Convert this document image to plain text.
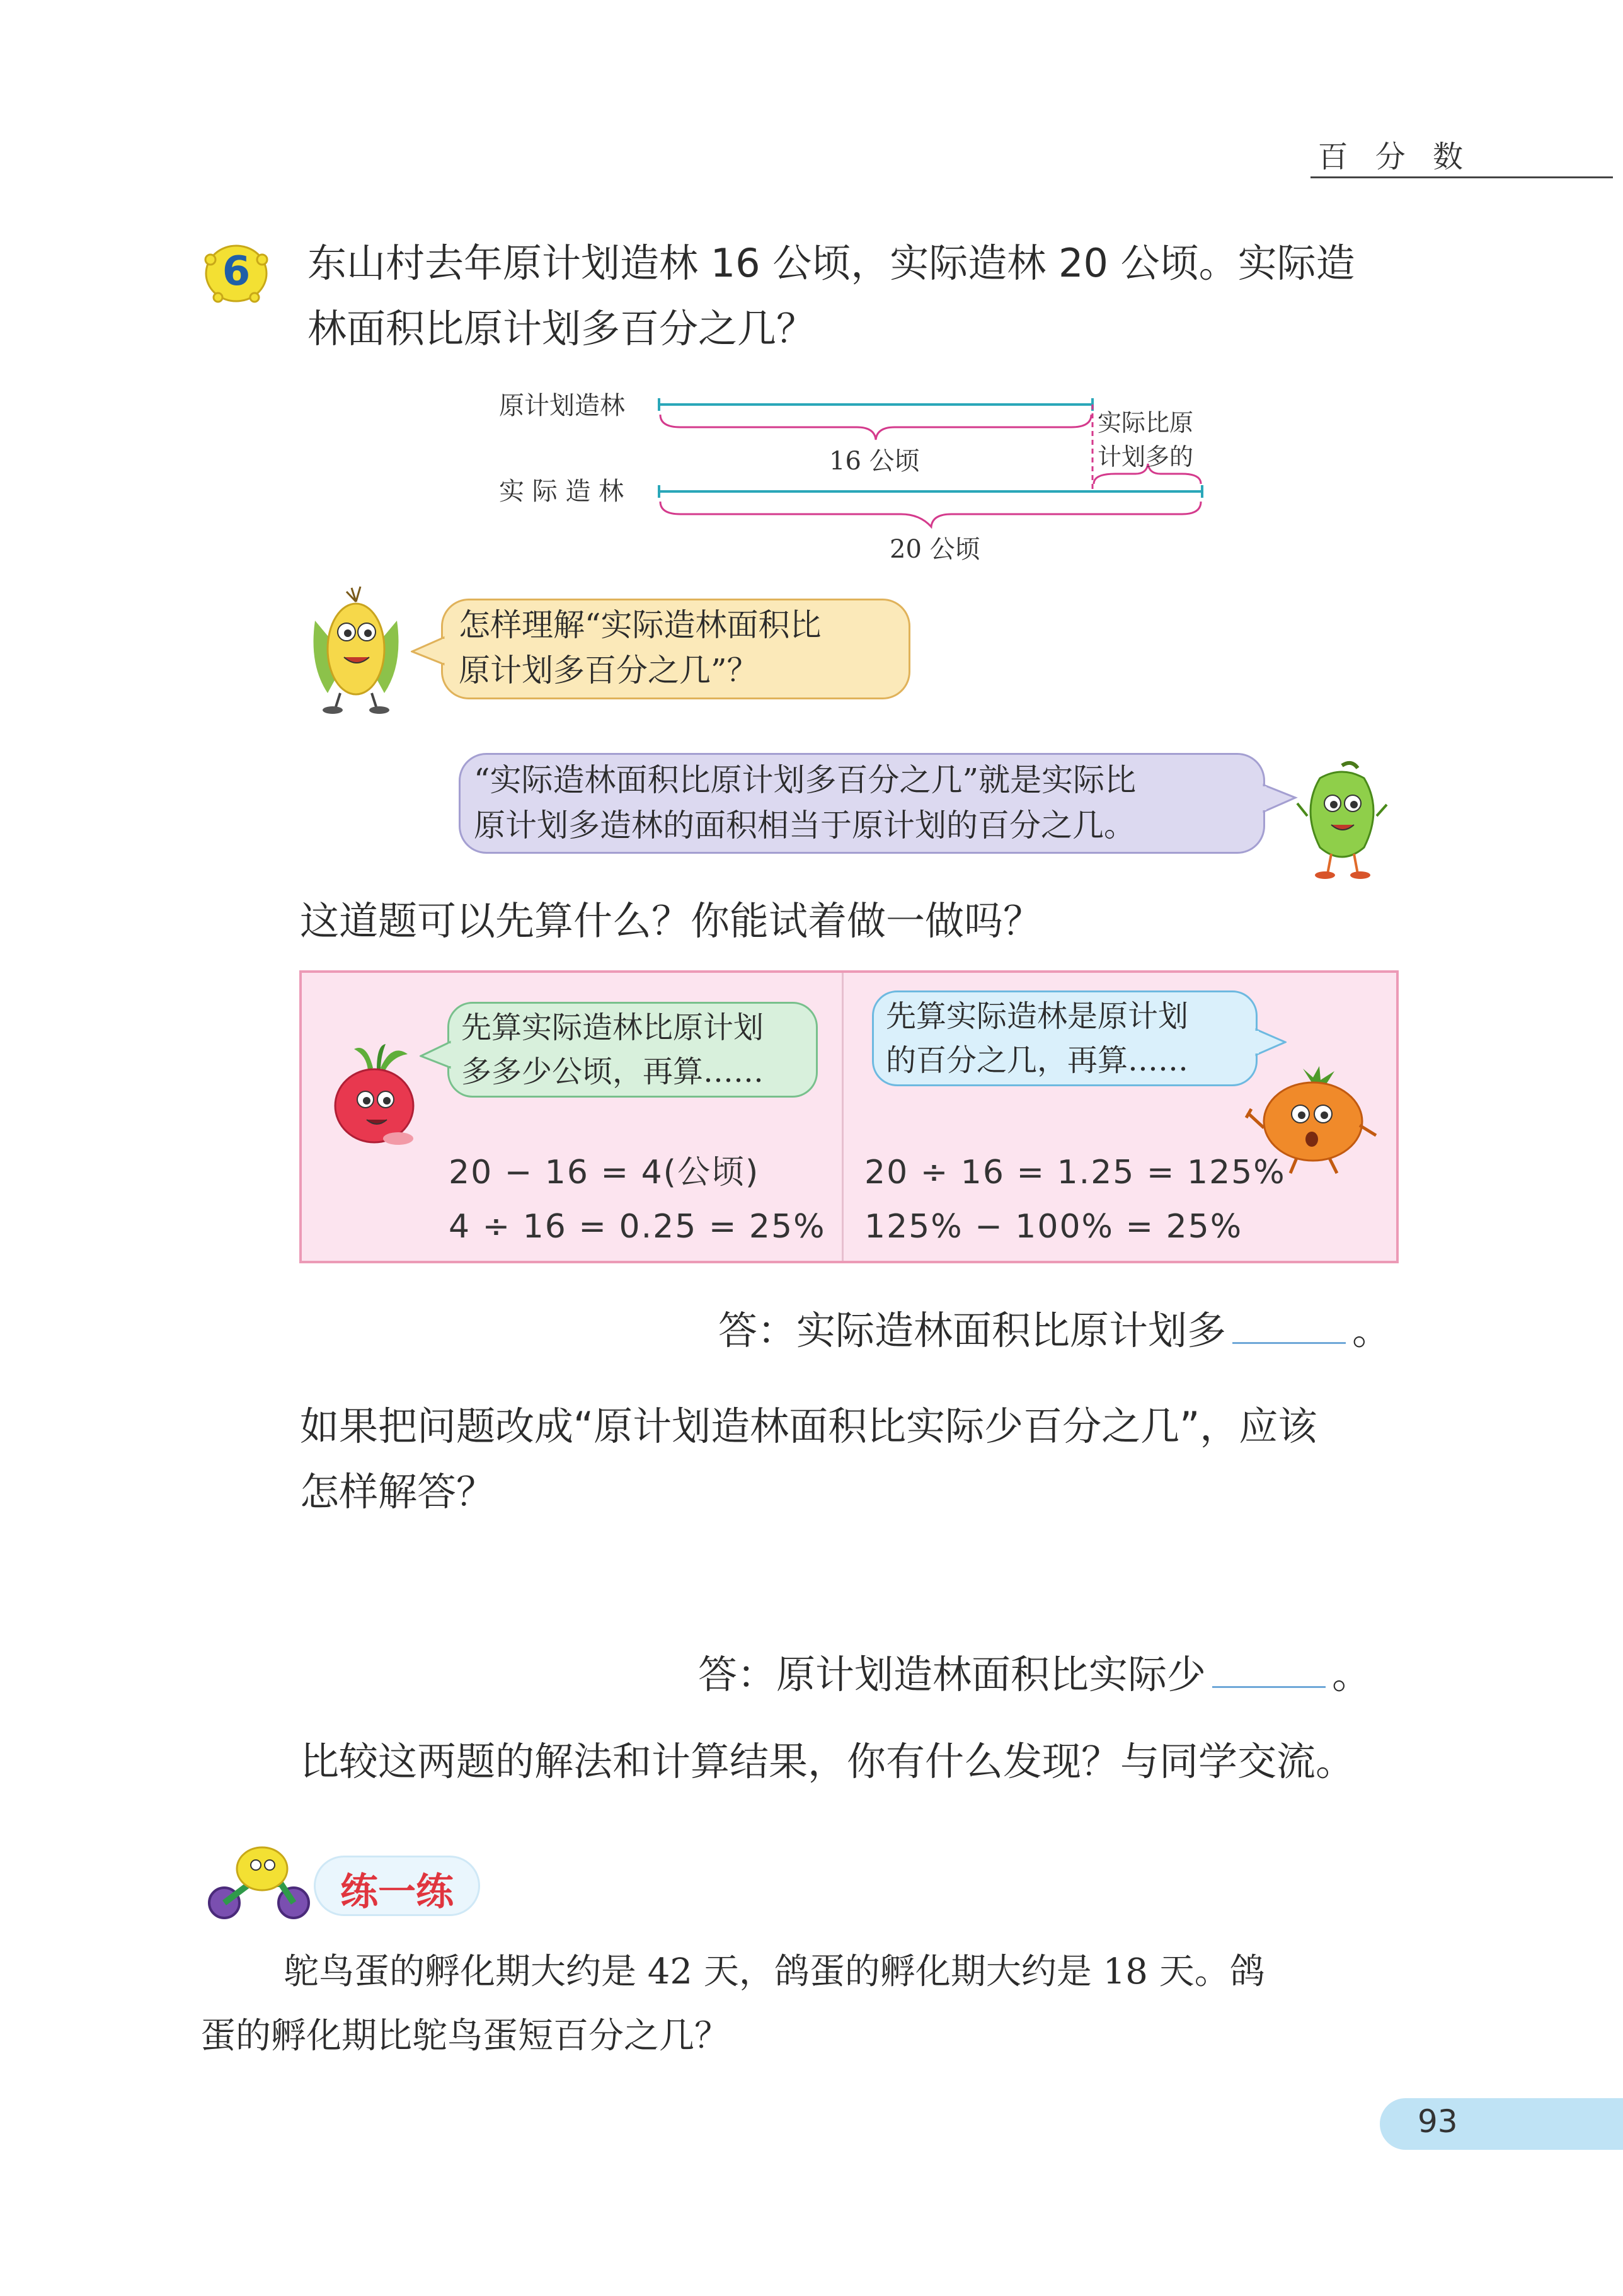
百 分 数
6	东山村去年原计划造林 16 公顷，实际造林 20 公顷。实际造
林面积比原计划多百分之几？
原计划造林
实 际 造 林
16 公顷
20 公顷
实际比原
计划多的
怎样理解“实际造林面积比
原计划多百分之几”？
“实际造林面积比原计划多百分之几”就是实际比
原计划多造林的面积相当于原计划的百分之几。
这道题可以先算什么？你能试着做一做吗？
先算实际造林比原计划
多多少公顷，再算……
20 − 16 = 4(公顷)
4 ÷ 16 = 0.25 = 25%
先算实际造林是原计划
的百分之几，再算……
20 ÷ 16 = 1.25 = 125%
125% − 100% = 25%
答：实际造林面积比原计划多	。
如果把问题改成“原计划造林面积比实际少百分之几”，应该
怎样解答？
答：原计划造林面积比实际少	。
比较这两题的解法和计算结果，你有什么发现？与同学交流。
练一练
鸵鸟蛋的孵化期大约是 42 天，鸽蛋的孵化期大约是 18 天。鸽
蛋的孵化期比鸵鸟蛋短百分之几？
93
